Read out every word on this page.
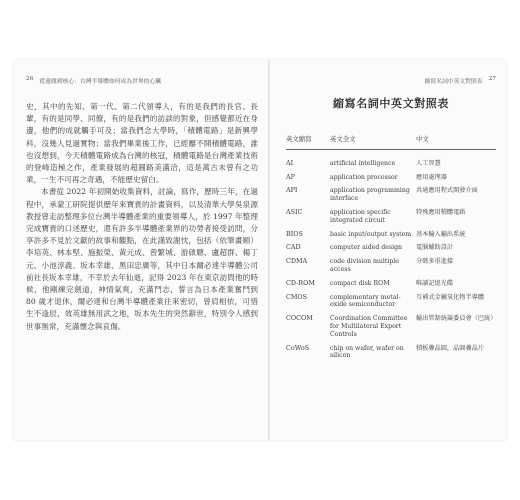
26 從邊緣到核心：台灣半導體如何成為世界的心臟

史，其中的先知、第一代、第二代領導人，有的是我們的長官、長輩，有的是同學、同僚，有的是我們的訪談的對象，但感覺都近在身邊，他們的成就觸手可及；當我們念大學時，「積體電路」是新興學科，沒幾人見過實物；當我們畢業後工作，已經離不開積體電路，誰也沒想到，今天積體電路成為台灣的核冠，積體電路是台灣產業技術的登峰造極之作，產業發展的超圓路美滿洽，這是萬古未曾有之功業，一生不可再之奇遇，不能歷史留白。

本書從 2022 年初開始收集資料，討論，寫作，歷時三年，在過程中，承蒙工研院提供歷年來寶貴的計畫資料，以及清華大學吳泉源教授曾走訪整理多位台灣半導體產業的重要領導人，於 1997 年整理完成寶貴的口述歷史，還有許多半導體產業界的功勞者接受訪問，分享許多不見於文獻的故事和觀點，在此謹致謝忱，包括（依筆畫順）李培英、林本堅、施振榮、黃元成、曾繁城、游啟聰、盧超群、楊丁元、小池淳義、坂本幸雄、黑田忠廣等，其中日本爾必達半導體公司前社長坂本幸雄，不幸於去年仙逝，記得 2023 年在東京訪問他的時候，他剛練完劍道，神情氣爽，充滿鬥志，誓言為日本產業奮鬥到 80 歲才退休，爾必達和台灣半導體產業往來密切，曾肩相依，可惜生不逢辰，效英雄無用武之地，坂本先生的突然辭世，特別令人感到世事無常，充滿懷念與哀傷。

縮寫名詞中英文對照表 27
縮寫名詞中英文對照表
英文縮寫	英文全文	中文
AI	artificial intelligence	人工智慧
AP	application processor	應用處理器
API	application programming interface	共通應用程式開發介面
ASIC	application specific integrated circuit	特殊應用積體電路
BIOS	basic input/output system	基本輸入輸出系統
CAD	computer aided design	電腦輔助設計
CDMA	code division multiple access	分碼多重進接
CD-ROM	compact disk ROM	唯讀記憶光碟
CMOS	complementary metal-oxide semiconductor	互補式金屬氧化物半導體
COCOM	Coordination Committee for Multilateral Export Controls	輸出管制統籌委員會（巴統）
CoWoS	chip on wafer, wafer on silicon	積板疊晶圓，晶圓疊晶片
